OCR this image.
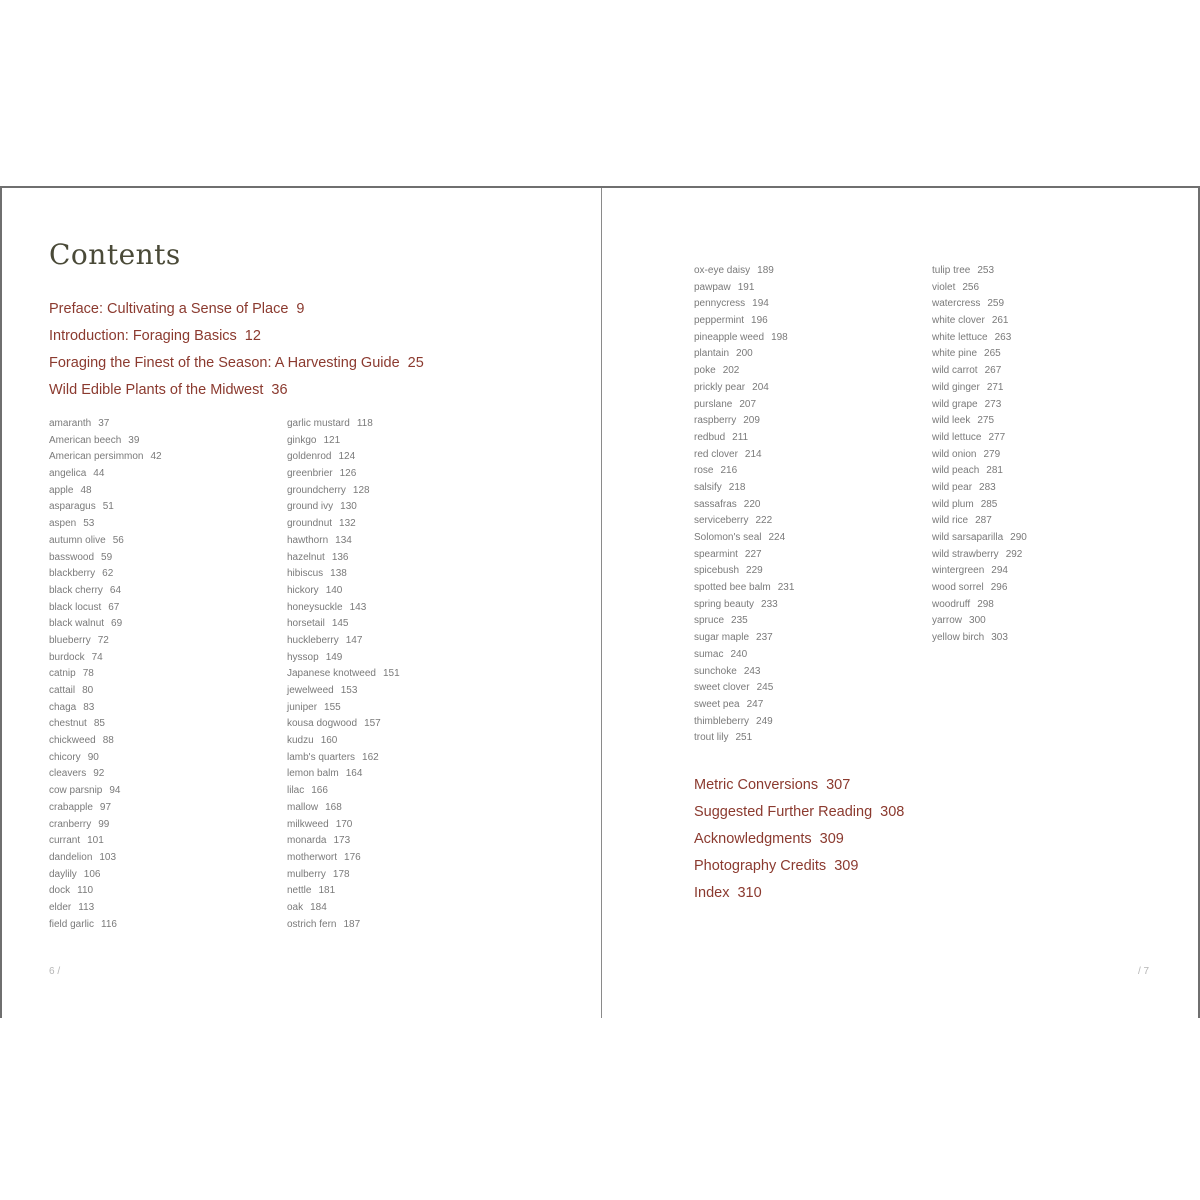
Contents
Preface: Cultivating a Sense of Place 9
Introduction: Foraging Basics 12
Foraging the Finest of the Season: A Harvesting Guide 25
Wild Edible Plants of the Midwest 36
amaranth 37
American beech 39
American persimmon 42
angelica 44
apple 48
asparagus 51
aspen 53
autumn olive 56
basswood 59
blackberry 62
black cherry 64
black locust 67
black walnut 69
blueberry 72
burdock 74
catnip 78
cattail 80
chaga 83
chestnut 85
chickweed 88
chicory 90
cleavers 92
cow parsnip 94
crabapple 97
cranberry 99
currant 101
dandelion 103
daylily 106
dock 110
elder 113
field garlic 116
garlic mustard 118
ginkgo 121
goldenrod 124
greenbrier 126
groundcherry 128
ground ivy 130
groundnut 132
hawthorn 134
hazelnut 136
hibiscus 138
hickory 140
honeysuckle 143
horsetail 145
huckleberry 147
hyssop 149
Japanese knotweed 151
jewelweed 153
juniper 155
kousa dogwood 157
kudzu 160
lamb's quarters 162
lemon balm 164
lilac 166
mallow 168
milkweed 170
monarda 173
motherwort 176
mulberry 178
nettle 181
oak 184
ostrich fern 187
6 /
ox-eye daisy 189
pawpaw 191
pennycress 194
peppermint 196
pineapple weed 198
plantain 200
poke 202
prickly pear 204
purslane 207
raspberry 209
redbud 211
red clover 214
rose 216
salsify 218
sassafras 220
serviceberry 222
Solomon's seal 224
spearmint 227
spicebush 229
spotted bee balm 231
spring beauty 233
spruce 235
sugar maple 237
sumac 240
sunchoke 243
sweet clover 245
sweet pea 247
thimbleberry 249
trout lily 251
tulip tree 253
violet 256
watercress 259
white clover 261
white lettuce 263
white pine 265
wild carrot 267
wild ginger 271
wild grape 273
wild leek 275
wild lettuce 277
wild onion 279
wild peach 281
wild pear 283
wild plum 285
wild rice 287
wild sarsaparilla 290
wild strawberry 292
wintergreen 294
wood sorrel 296
woodruff 298
yarrow 300
yellow birch 303
Metric Conversions 307
Suggested Further Reading 308
Acknowledgments 309
Photography Credits 309
Index 310
/ 7
